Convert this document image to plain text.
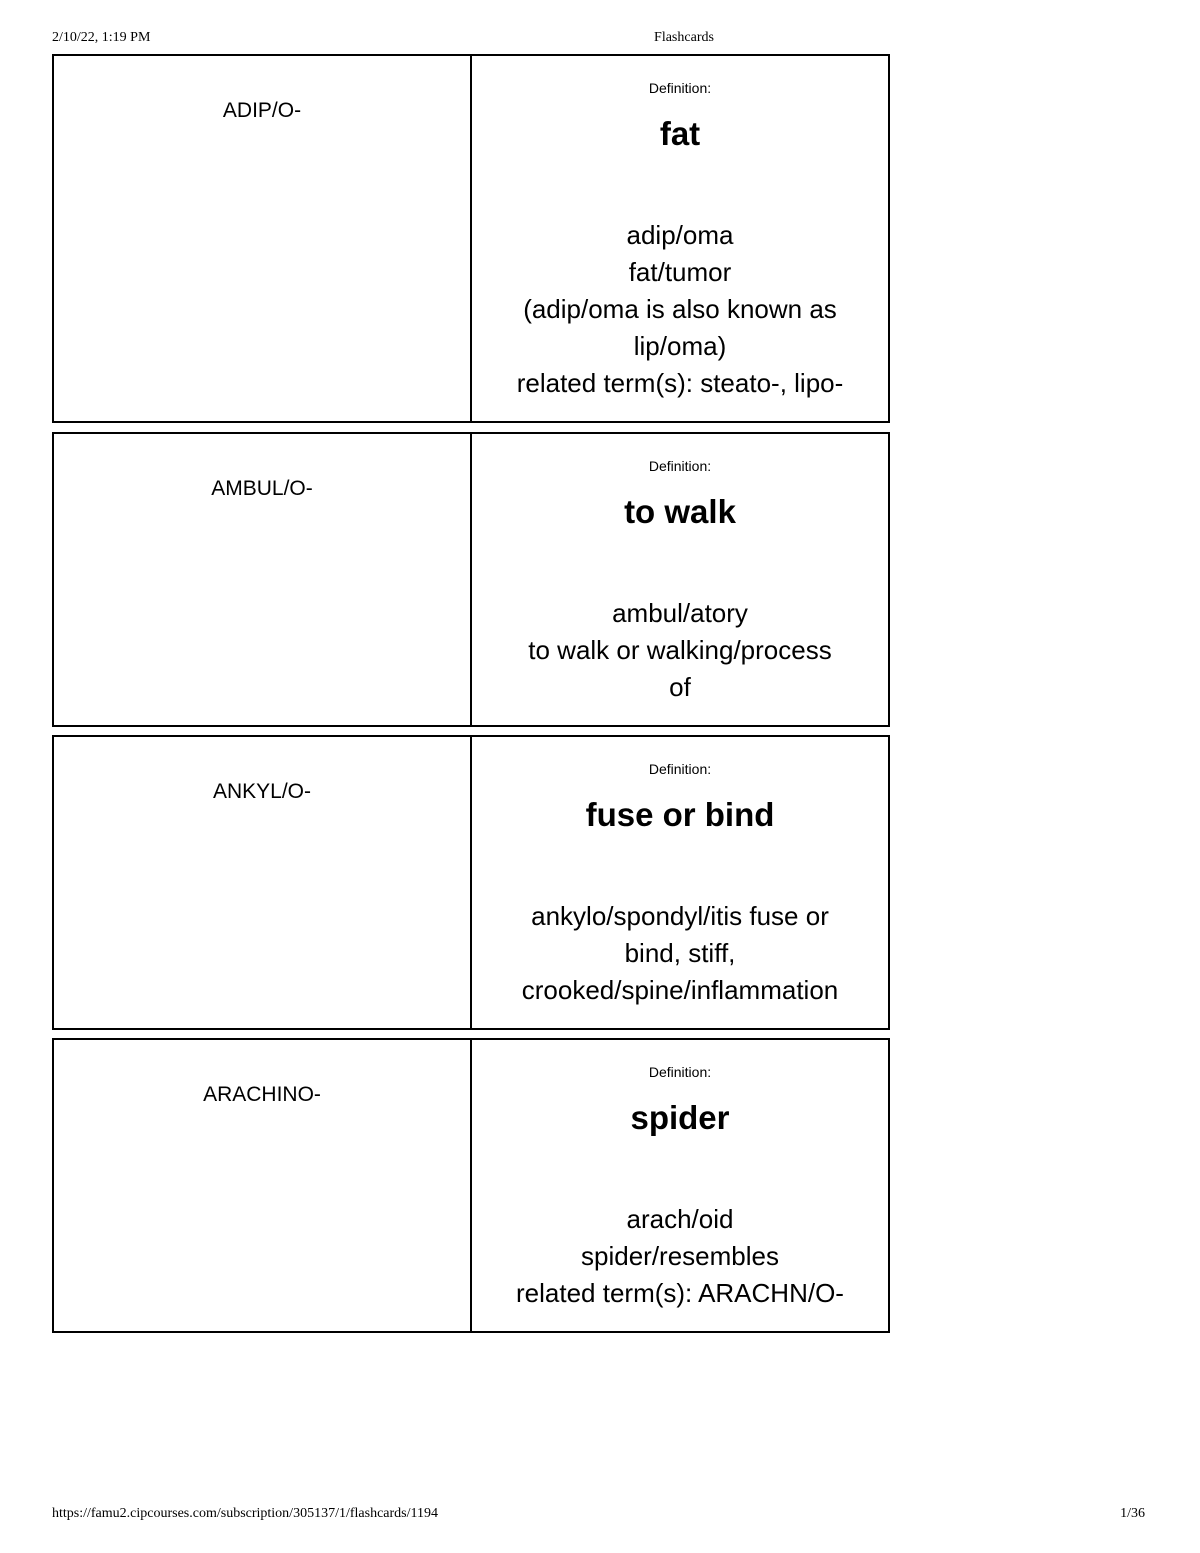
2/10/22, 1:19 PM	Flashcards
ADIP/O-
Definition:
fat
adip/oma
fat/tumor
(adip/oma is also known as
lip/oma)
related term(s): steato-, lipo-
AMBUL/O-
Definition:
to walk
ambul/atory
to walk or walking/process
of
ANKYL/O-
Definition:
fuse or bind
ankylo/spondyl/itis fuse or
bind, stiff,
crooked/spine/inflammation
ARACHINO-
Definition:
spider
arach/oid
spider/resembles
related term(s): ARACHN/O-
https://famu2.cipcourses.com/subscription/305137/1/flashcards/1194	1/36
